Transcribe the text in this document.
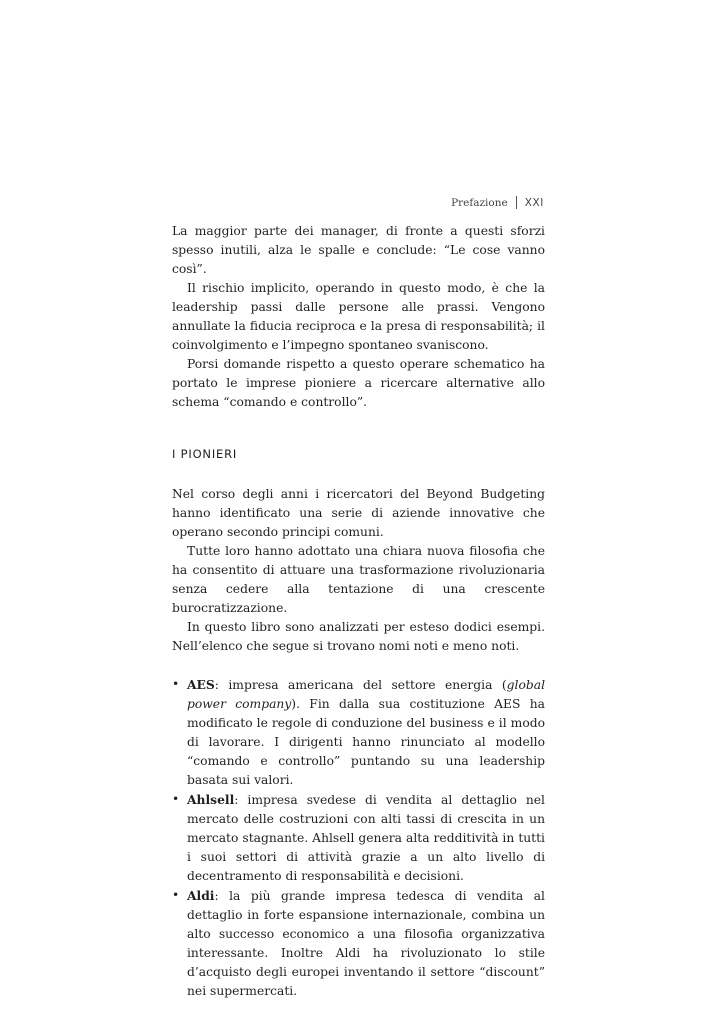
Prefazione XXI

La maggior parte dei manager, di fronte a questi sforzi spesso inutili, alza le spalle e conclude: “Le cose vanno così”.

Il rischio implicito, operando in questo modo, è che la leadership passi dalle persone alle prassi. Vengono annullate la fiducia reciproca e la presa di responsabilità; il coinvolgimento e l’impegno spontaneo svaniscono.

Porsi domande rispetto a questo operare schematico ha portato le imprese pioniere a ricercare alternative allo schema “comando e controllo”.

I PIONIERI

Nel corso degli anni i ricercatori del Beyond Budgeting hanno identificato una serie di aziende innovative che operano secondo principi comuni.

Tutte loro hanno adottato una chiara nuova filosofia che ha consentito di attuare una trasformazione rivoluzionaria senza cedere alla tentazione di una crescente burocratizzazione.

In questo libro sono analizzati per esteso dodici esempi. Nell’elenco che segue si trovano nomi noti e meno noti.

• AES: impresa americana del settore energia (global power company). Fin dalla sua costituzione AES ha modificato le regole di conduzione del business e il modo di lavorare. I dirigenti hanno rinunciato al modello “comando e controllo” puntando su una leadership basata sui valori.
• Ahlsell: impresa svedese di vendita al dettaglio nel mercato delle costruzioni con alti tassi di crescita in un mercato stagnante. Ahlsell genera alta redditività in tutti i suoi settori di attività grazie a un alto livello di decentramento di responsabilità e decisioni.
• Aldi: la più grande impresa tedesca di vendita al dettaglio in forte espansione internazionale, combina un alto successo economico a una filosofia organizzativa interessante. Inoltre Aldi ha rivoluzionato lo stile d’acquisto degli europei inventando il settore “discount” nei supermercati.
